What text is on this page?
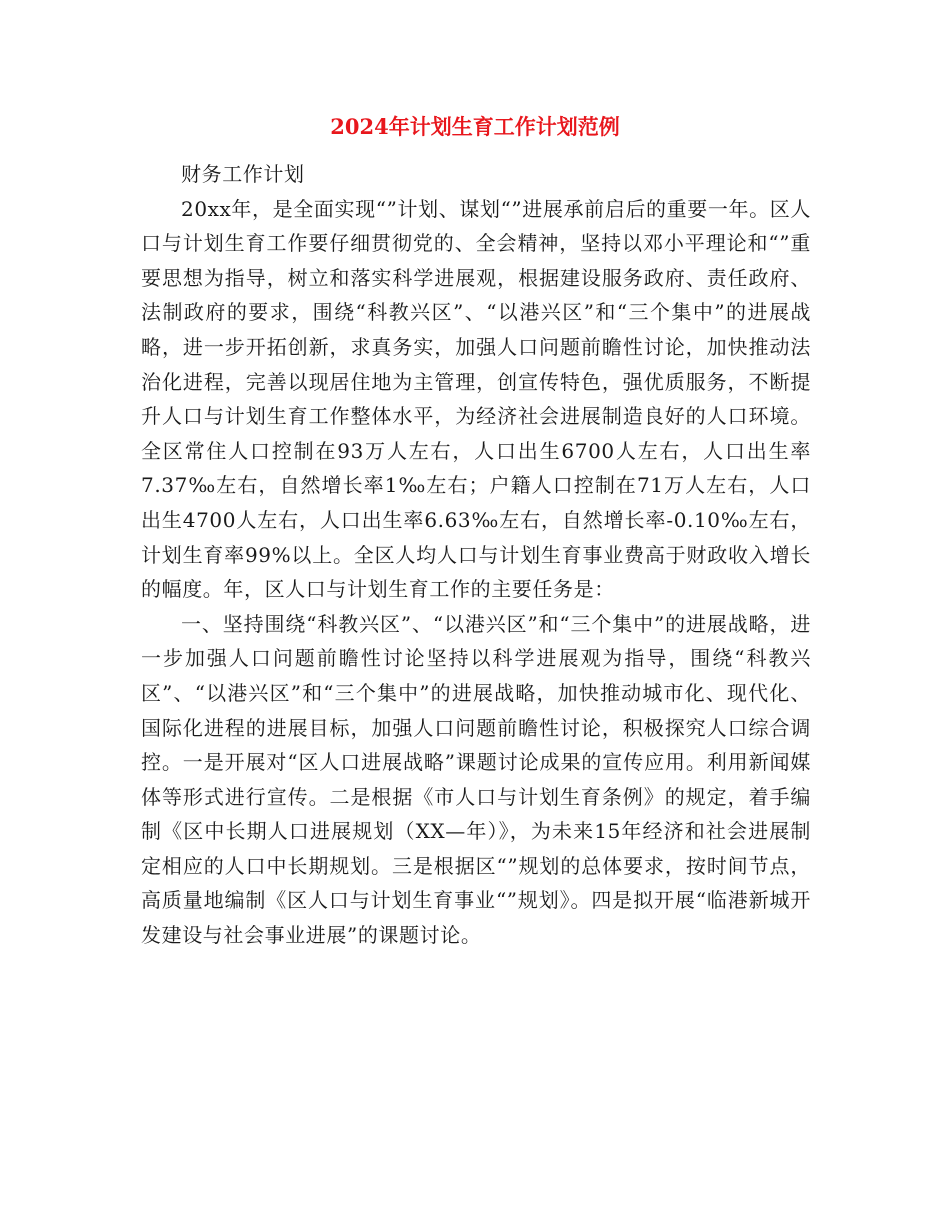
2024年计划生育工作计划范例

财务工作计划

20xx年，是全面实现“”计划、谋划“”进展承前启后的重要一年。区人口与计划生育工作要仔细贯彻党的、全会精神，坚持以邓小平理论和“”重要思想为指导，树立和落实科学进展观，根据建设服务政府、责任政府、法制政府的要求，围绕“科教兴区”、“以港兴区”和“三个集中”的进展战略，进一步开拓创新，求真务实，加强人口问题前瞻性讨论，加快推动法治化进程，完善以现居住地为主管理，创宣传特色，强优质服务，不断提升人口与计划生育工作整体水平，为经济社会进展制造良好的人口环境。全区常住人口控制在93万人左右，人口出生6700人左右，人口出生率7.37‰左右，自然增长率1‰左右；户籍人口控制在71万人左右，人口出生4700人左右，人口出生率6.63‰左右，自然增长率-0.10‰左右，计划生育率99%以上。全区人均人口与计划生育事业费高于财政收入增长的幅度。年，区人口与计划生育工作的主要任务是：

一、坚持围绕“科教兴区”、“以港兴区”和“三个集中”的进展战略，进一步加强人口问题前瞻性讨论坚持以科学进展观为指导，围绕“科教兴区”、“以港兴区”和“三个集中”的进展战略，加快推动城市化、现代化、国际化进程的进展目标，加强人口问题前瞻性讨论，积极探究人口综合调控。一是开展对“区人口进展战略”课题讨论成果的宣传应用。利用新闻媒体等形式进行宣传。二是根据《市人口与计划生育条例》的规定，着手编制《区中长期人口进展规划（XX—年）》，为未来15年经济和社会进展制定相应的人口中长期规划。三是根据区“”规划的总体要求，按时间节点，高质量地编制《区人口与计划生育事业“”规划》。四是拟开展“临港新城开发建设与社会事业进展”的课题讨论。
